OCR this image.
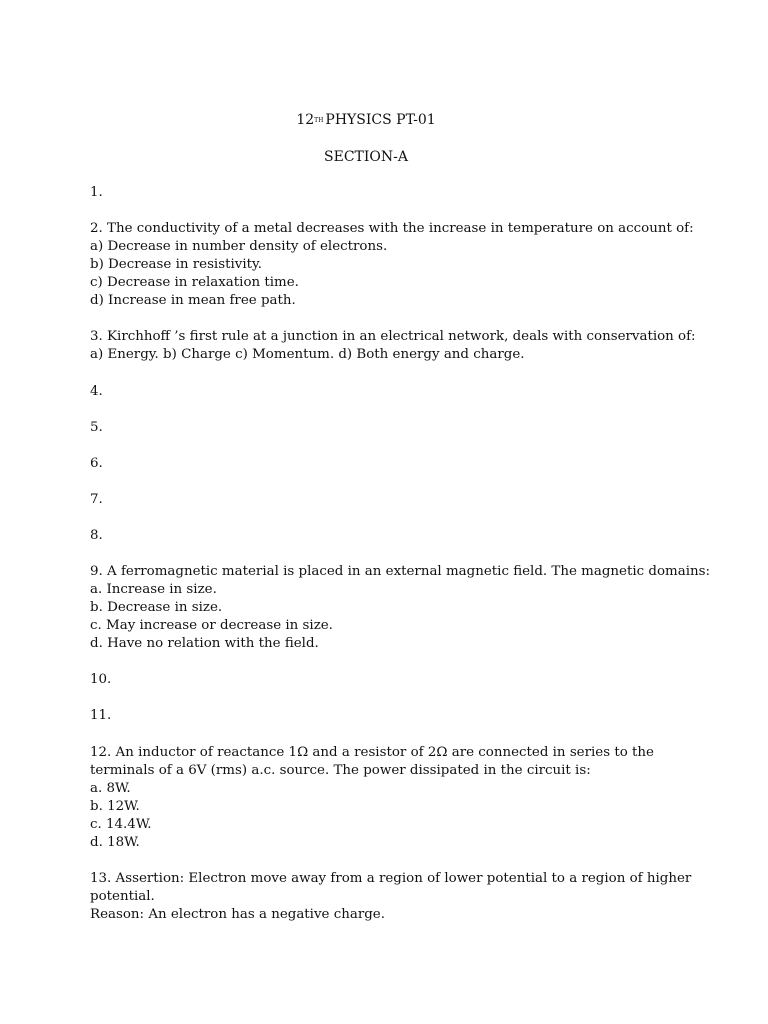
12TH PHYSICS PT-01
SECTION-A
1.
2. The conductivity of a metal decreases with the increase in temperature on account of:
a) Decrease in number density of electrons.
b) Decrease in resistivity.
c) Decrease in relaxation time.
d) Increase in mean free path.
3. Kirchhoff ’s first rule at a junction in an electrical network, deals with conservation of:
a) Energy. b) Charge c) Momentum. d) Both energy and charge.
4.
5.
6.
7.
8.
9. A ferromagnetic material is placed in an external magnetic field. The magnetic domains:
a. Increase in size.
b. Decrease in size.
c. May increase or decrease in size.
d. Have no relation with the field.
10.
11.
12. An inductor of reactance 1Ω and a resistor of 2Ω are connected in series to the
terminals of a 6V (rms) a.c. source. The power dissipated in the circuit is:
a. 8W.
b. 12W.
c. 14.4W.
d. 18W.
13. Assertion: Electron move away from a region of lower potential to a region of higher
potential.
Reason: An electron has a negative charge.
